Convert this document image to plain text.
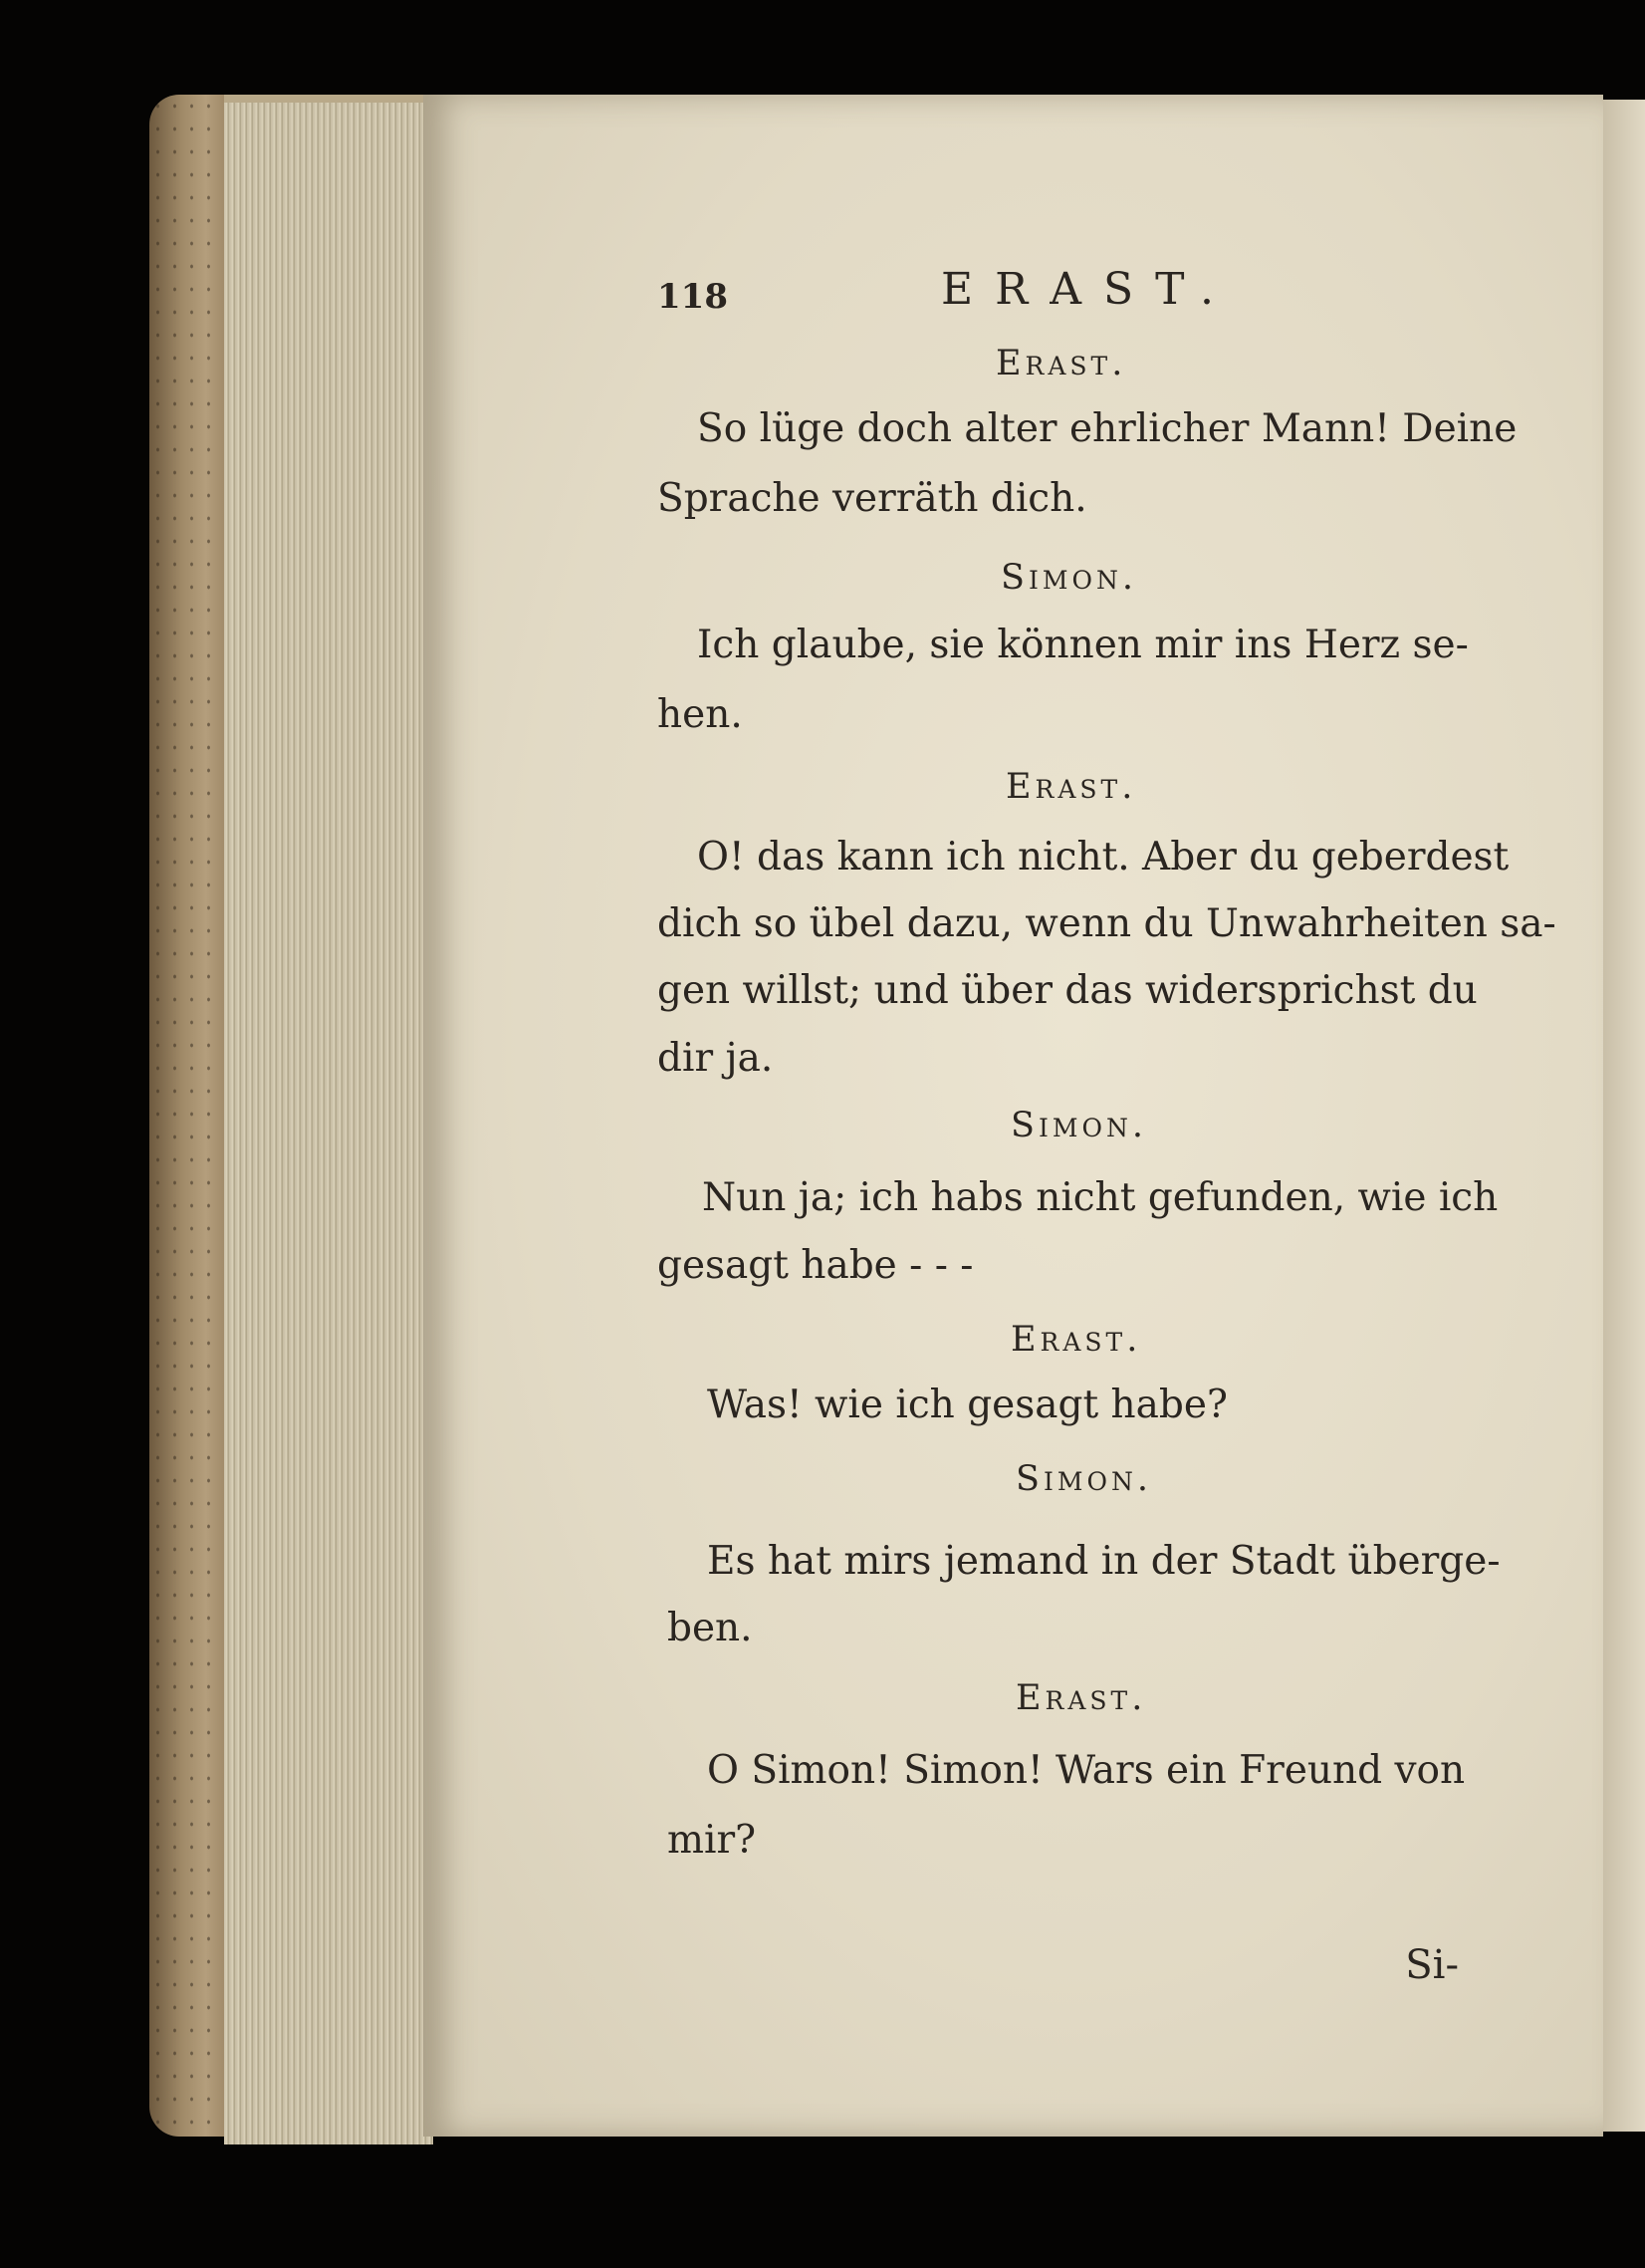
118	ERAST.
Erast.
So lüge doch alter ehrlicher Mann! Deine
Sprache verräth dich.
Simon.
Ich glaube, sie können mir ins Herz se-
hen.
Erast.
O! das kann ich nicht. Aber du geberdest
dich so übel dazu, wenn du Unwahrheiten sa-
gen willst; und über das widersprichst du
dir ja.
Simon.
Nun ja; ich habs nicht gefunden, wie ich
gesagt habe - - -
Erast.
Was! wie ich gesagt habe?
Simon.
Es hat mirs jemand in der Stadt überge-
ben.
Erast.
O Simon! Simon! Wars ein Freund von
mir?
Si-
